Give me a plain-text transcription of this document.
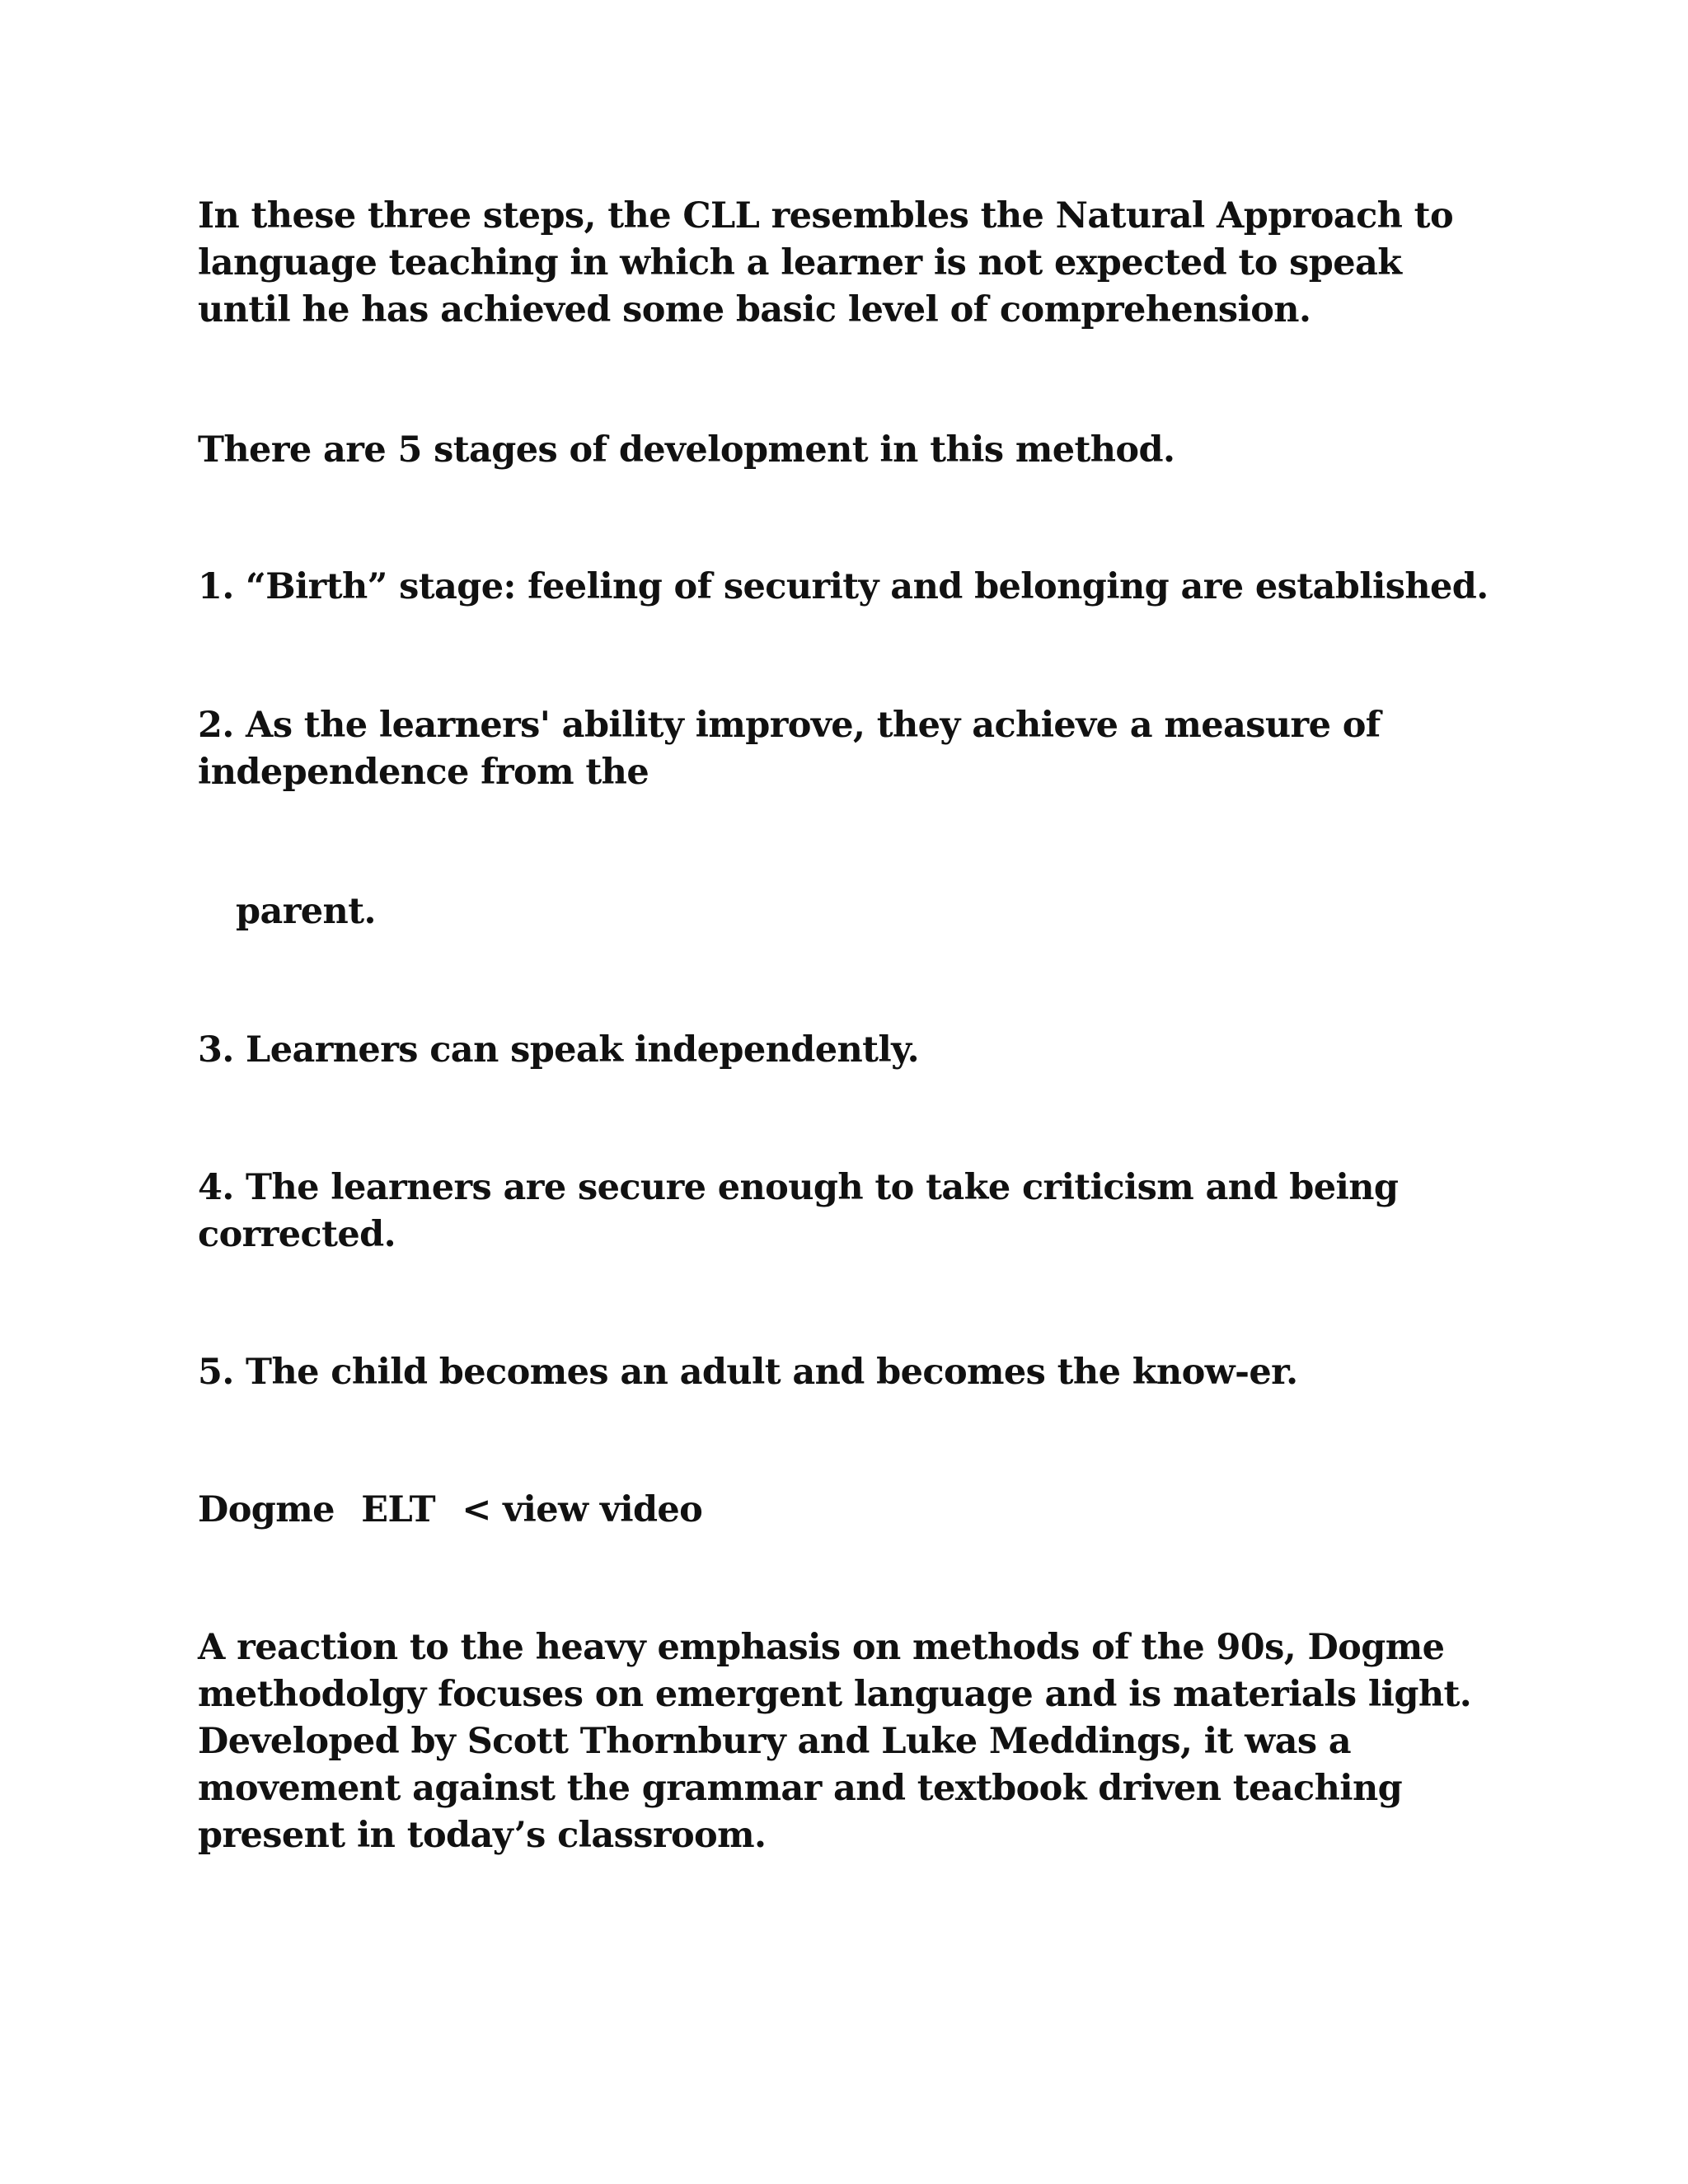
In these three steps, the CLL resembles the Natural Approach to
language teaching in which a learner is not expected to speak
until he has achieved some basic level of comprehension.

There are 5 stages of development in this method.

1. “Birth” stage: feeling of security and belonging are established.

2. As the learners' ability improve, they achieve a measure of
independence from the

parent.

3. Learners can speak independently.

4. The learners are secure enough to take criticism and being
corrected.

5. The child becomes an adult and becomes the know-er.

Dogme ELT < view video

A reaction to the heavy emphasis on methods of the 90s, Dogme
methodolgy focuses on emergent language and is materials light.
Developed by Scott Thornbury and Luke Meddings, it was a
movement against the grammar and textbook driven teaching
present in today’s classroom.
